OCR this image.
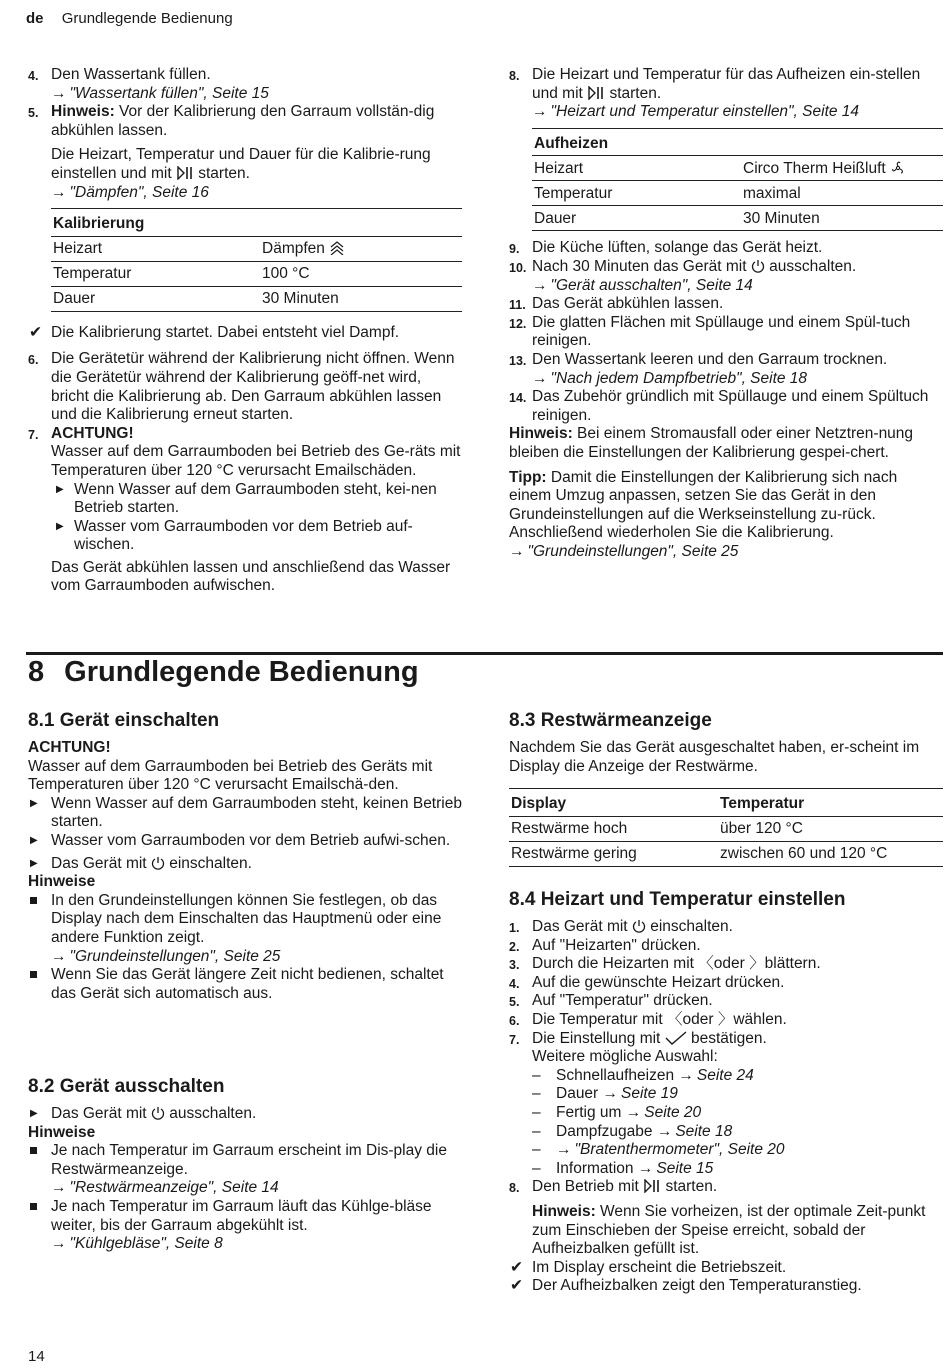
de Grundlegende Bedienung
4. Den Wassertank füllen.
→ "Wassertank füllen", Seite 15
5. Hinweis: Vor der Kalibrierung den Garraum vollstän-dig abkühlen lassen.
Die Heizart, Temperatur und Dauer für die Kalibrie-rung einstellen und mit starten.
→ "Dämpfen", Seite 16
Kalibrierung	
Heizart	Dämpfen
Temperatur	100 °C
Dauer	30 Minuten
✔ Die Kalibrierung startet. Dabei entsteht viel Dampf.
6. Die Gerätetür während der Kalibrierung nicht öffnen. Wenn die Gerätetür während der Kalibrierung geöff-net wird, bricht die Kalibrierung ab. Den Garraum abkühlen lassen und die Kalibrierung erneut starten.
7. ACHTUNG!
Wasser auf dem Garraumboden bei Betrieb des Ge-räts mit Temperaturen über 120 °C verursacht Emailschäden.
▶ Wenn Wasser auf dem Garraumboden steht, kei-nen Betrieb starten.
▶ Wasser vom Garraumboden vor dem Betrieb auf-wischen.
Das Gerät abkühlen lassen und anschließend das Wasser vom Garraumboden aufwischen.
8. Die Heizart und Temperatur für das Aufheizen ein-stellen und mit starten.
→ "Heizart und Temperatur einstellen", Seite 14
Aufheizen	
Heizart	Circo Therm Heißluft
Temperatur	maximal
Dauer	30 Minuten
9. Die Küche lüften, solange das Gerät heizt.
10. Nach 30 Minuten das Gerät mit ausschalten.
→ "Gerät ausschalten", Seite 14
11. Das Gerät abkühlen lassen.
12. Die glatten Flächen mit Spüllauge und einem Spül-tuch reinigen.
13. Den Wassertank leeren und den Garraum trocknen.
→ "Nach jedem Dampfbetrieb", Seite 18
14. Das Zubehör gründlich mit Spüllauge und einem Spültuch reinigen.
Hinweis: Bei einem Stromausfall oder einer Netztren-nung bleiben die Einstellungen der Kalibrierung gespei-chert.
Tipp: Damit die Einstellungen der Kalibrierung sich nach einem Umzug anpassen, setzen Sie das Gerät in den Grundeinstellungen auf die Werkseinstellung zu-rück. Anschließend wiederholen Sie die Kalibrierung.
→ "Grundeinstellungen", Seite 25
8 Grundlegende Bedienung
8.1 Gerät einschalten
ACHTUNG!
Wasser auf dem Garraumboden bei Betrieb des Geräts mit Temperaturen über 120 °C verursacht Emailschä-den.
▶ Wenn Wasser auf dem Garraumboden steht, keinen Betrieb starten.
▶ Wasser vom Garraumboden vor dem Betrieb aufwi-schen.
▶ Das Gerät mit einschalten.
Hinweise
In den Grundeinstellungen können Sie festlegen, ob das Display nach dem Einschalten das Hauptmenü oder eine andere Funktion zeigt.
→ "Grundeinstellungen", Seite 25
Wenn Sie das Gerät längere Zeit nicht bedienen, schaltet das Gerät sich automatisch aus.
8.2 Gerät ausschalten
▶ Das Gerät mit ausschalten.
Hinweise
Je nach Temperatur im Garraum erscheint im Dis-play die Restwärmeanzeige.
→ "Restwärmeanzeige", Seite 14
Je nach Temperatur im Garraum läuft das Kühlge-bläse weiter, bis der Garraum abgekühlt ist.
→ "Kühlgebläse", Seite 8
8.3 Restwärmeanzeige
Nachdem Sie das Gerät ausgeschaltet haben, er-scheint im Display die Anzeige der Restwärme.
Display	Temperatur
Restwärme hoch	über 120 °C
Restwärme gering	zwischen 60 und 120 °C
8.4 Heizart und Temperatur einstellen
1. Das Gerät mit einschalten.
2. Auf "Heizarten" drücken.
3. Durch die Heizarten mit 〈oder 〉blättern.
4. Auf die gewünschte Heizart drücken.
5. Auf "Temperatur" drücken.
6. Die Temperatur mit 〈oder 〉wählen.
7. Die Einstellung mit bestätigen.
Weitere mögliche Auswahl:
– Schnellaufheizen → Seite 24
– Dauer → Seite 19
– Fertig um → Seite 20
– Dampfzugabe → Seite 18
– → "Bratenthermometer", Seite 20
– Information → Seite 15
8. Den Betrieb mit starten.
Hinweis: Wenn Sie vorheizen, ist der optimale Zeit-punkt zum Einschieben der Speise erreicht, sobald der Aufheizbalken gefüllt ist.
✔ Im Display erscheint die Betriebszeit.
✔ Der Aufheizbalken zeigt den Temperaturanstieg.
14
